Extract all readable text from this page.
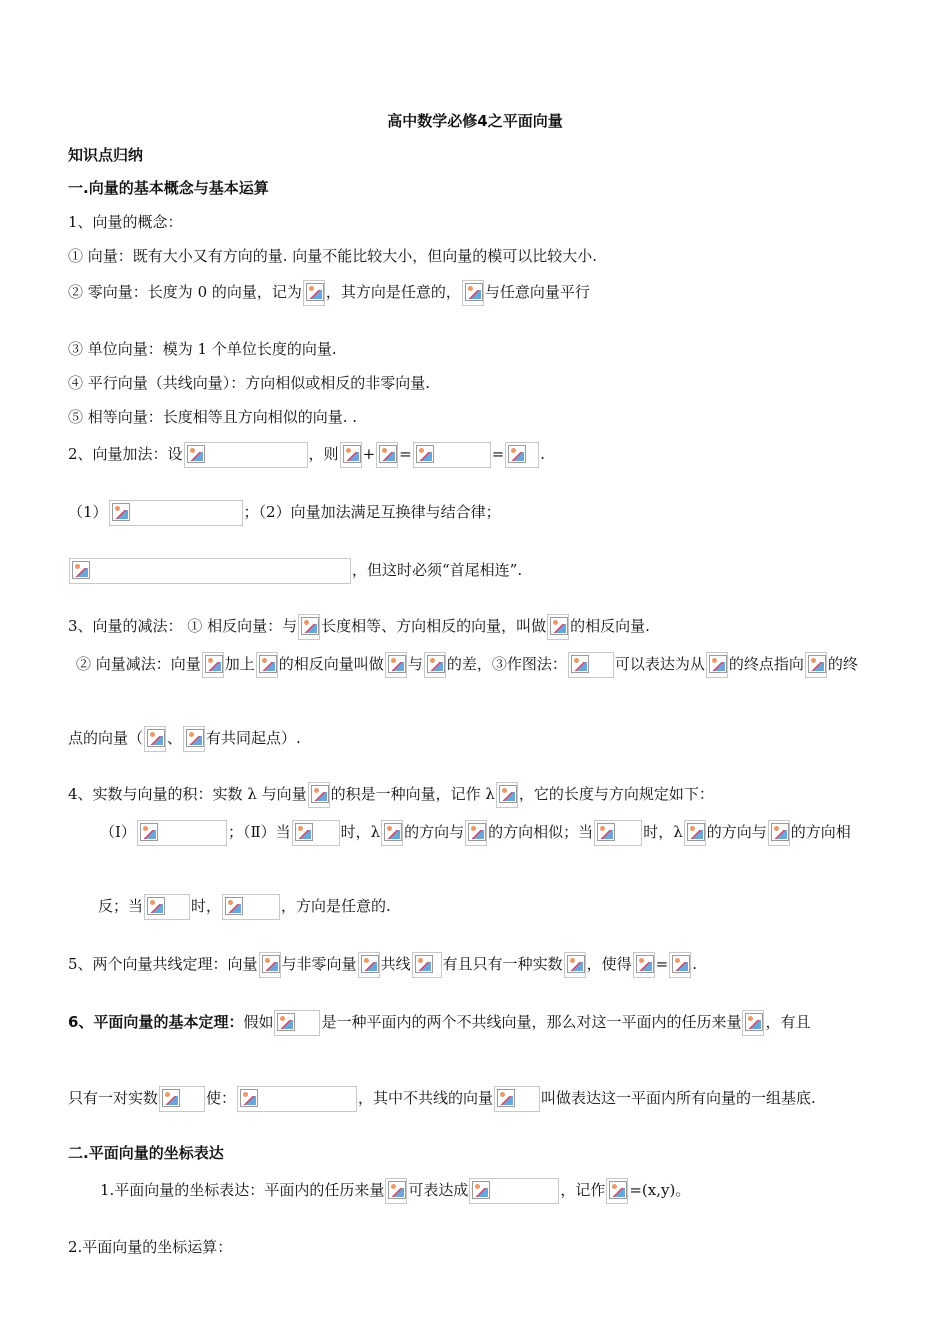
高中数学必修4之平面向量
知识点归纳
一.向量的基本概念与基本运算
1、向量的概念：
① 向量：既有大小又有方向的量. 向量不能比较大小，但向量的模可以比较大小.
② 零向量：长度为 0 的向量，记为 ，其方向是任意的， 与任意向量平行
③ 单位向量：模为 1 个单位长度的向量.
④ 平行向量（共线向量）：方向相似或相反的非零向量.
⑤ 相等向量：长度相等且方向相似的向量. .
2、向量加法：设	，则 + =	= .
（1）	；（2）向量加法满足互换律与结合律；
，但这时必须“首尾相连”.
3、向量的减法： ① 相反向量：与 长度相等、方向相反的向量，叫做 的相反向量.
② 向量减法：向量 加上 的相反向量叫做 与 的差，③作图法：	可以表达为从 的终点指向 的终
点的向量（ 、 有共同起点）.
4、实数与向量的积：实数 λ 与向量 的积是一种向量，记作 λ ，它的长度与方向规定如下：
（Ⅰ）	；（Ⅱ）当	时，λ 的方向与 的方向相似；当	时，λ 的方向与 的方向相
反；当	时，	，方向是任意的.
5、两个向量共线定理：向量 与非零向量 共线 有且只有一种实数 ，使得 = .
6、平面向量的基本定理：假如	是一种平面内的两个不共线向量，那么对这一平面内的任历来量 ，有且
只有一对实数	使：	，其中不共线的向量	叫做表达这一平面内所有向量的一组基底.
二.平面向量的坐标表达
1.平面向量的坐标表达：平面内的任历来量 可表达成	，记作 =(x,y)。
2.平面向量的坐标运算：
